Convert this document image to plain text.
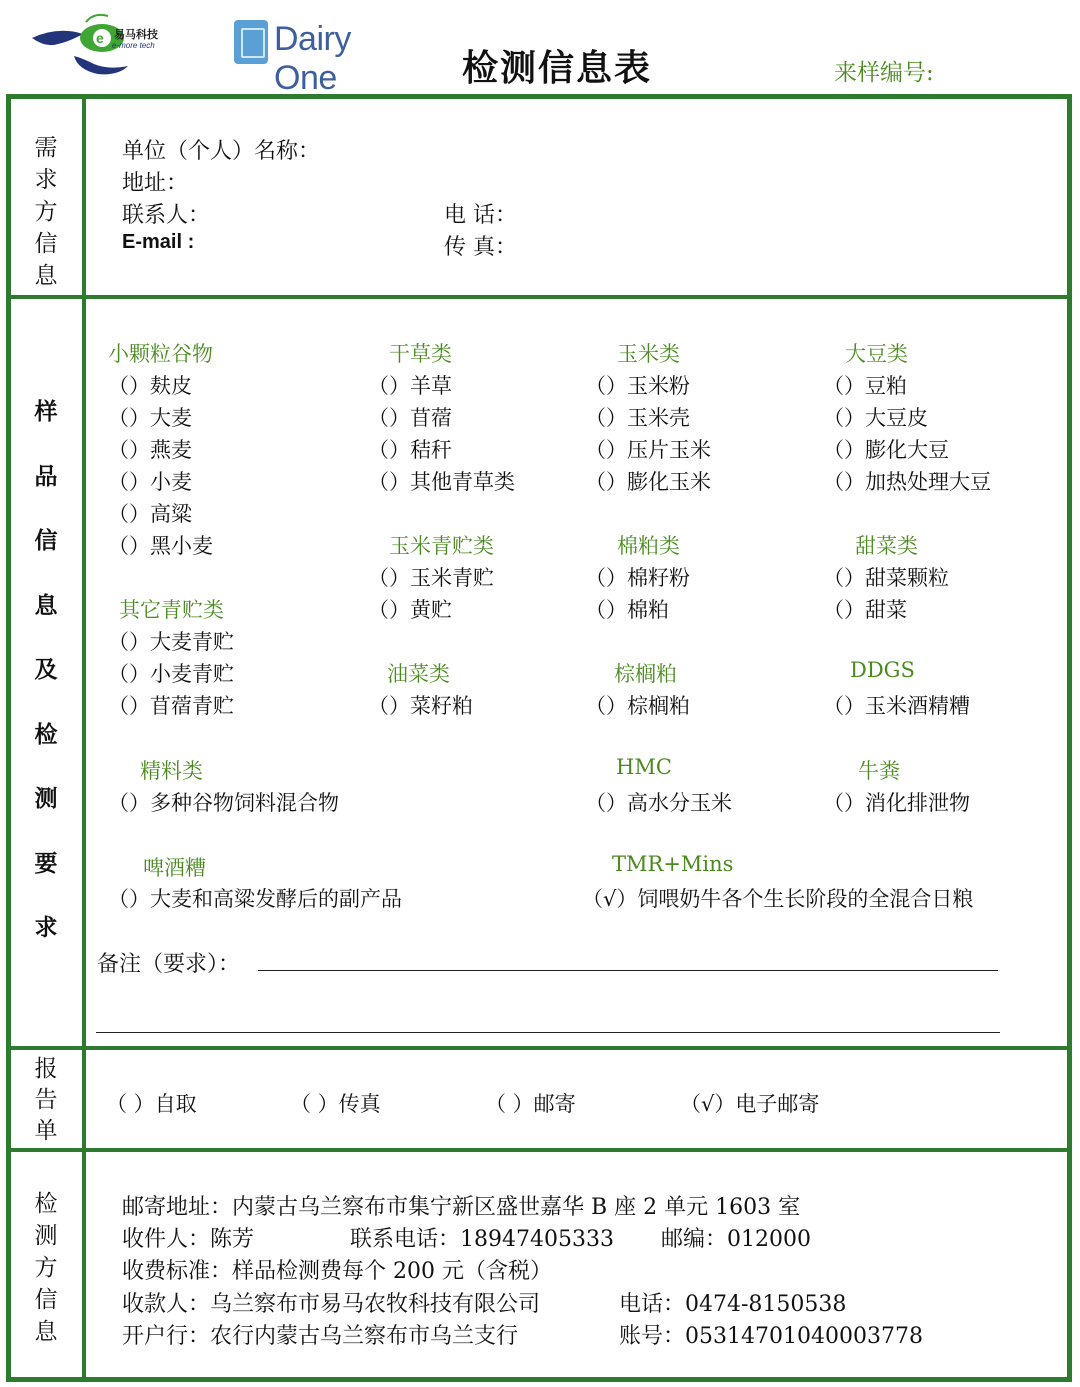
e 易马科技
e-more tech	Dairy One	检测信息表	来样编号:
需
求
方
信
息
单位（个人）名称：
地址：
联系人：	电 话：
E-mail :	传 真：
样
品
信
息
及
检
测
要
求
小颗粒谷物
（）麸皮
（）大麦
（）燕麦
（）小麦
（）高粱
（）黑小麦
干草类
（）羊草
（）苜蓿
（）秸秆
（）其他青草类
玉米类
（）玉米粉
（）玉米壳
（）压片玉米
（）膨化玉米
大豆类
（）豆粕
（）大豆皮
（）膨化大豆
（）加热处理大豆
玉米青贮类
（）玉米青贮
（）黄贮
棉粕类
（）棉籽粉
（）棉粕
甜菜类
（）甜菜颗粒
（）甜菜
其它青贮类
（）大麦青贮
（）小麦青贮
（）苜蓿青贮
油菜类
（）菜籽粕
棕榈粕
（）棕榈粕
DDGS
（）玉米酒精糟
精料类
（）多种谷物饲料混合物
HMC
（）高水分玉米
牛粪
（）消化排泄物
啤酒糟
（）大麦和高粱发酵后的副产品
TMR+Mins
（√）饲喂奶牛各个生长阶段的全混合日粮
备注（要求）：
报
告
单
（ ）自取	（ ）传真	（ ）邮寄	（√）电子邮寄
检
测
方
信
息
邮寄地址：内蒙古乌兰察布市集宁新区盛世嘉华 B 座 2 单元 1603 室
收件人：陈芳	联系电话：18947405333 邮编：012000
收费标准：样品检测费每个 200 元（含税）
收款人：乌兰察布市易马农牧科技有限公司	电话：0474-8150538
开户行：农行内蒙古乌兰察布市乌兰支行	账号：05314701040003778
